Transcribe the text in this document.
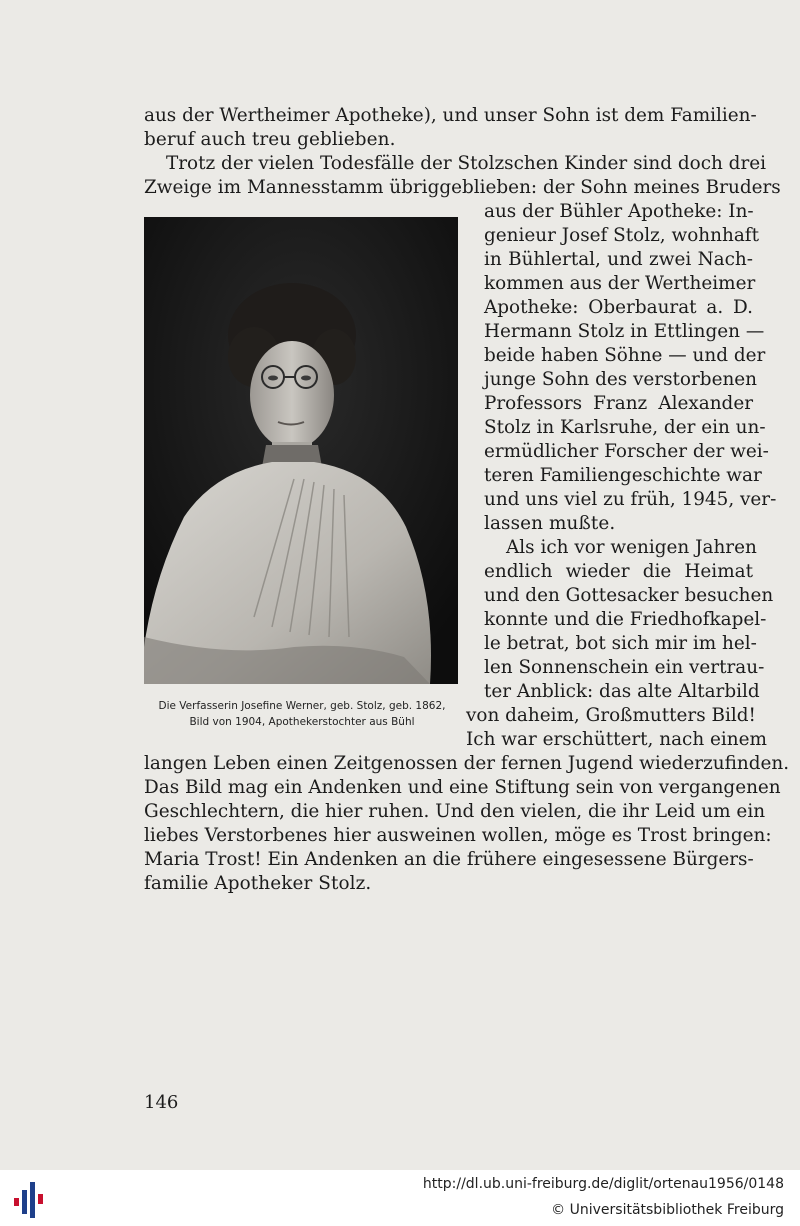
aus der Wertheimer Apotheke), und unser Sohn ist dem Familien-
beruf auch treu geblieben.
Trotz der vielen Todesfälle der Stolzschen Kinder sind doch drei
Zweige im Mannesstamm übriggeblieben: der Sohn meines Bruders
aus der Bühler Apotheke: In-
genieur Josef Stolz, wohnhaft
in Bühlertal, und zwei Nach-
kommen aus der Wertheimer
Apotheke: Oberbaurat a. D.
Hermann Stolz in Ettlingen —
beide haben Söhne — und der
junge Sohn des verstorbenen
Professors Franz Alexander
Stolz in Karlsruhe, der ein un-
ermüdlicher Forscher der wei-
teren Familiengeschichte war
und uns viel zu früh, 1945, ver-
lassen mußte.
Als ich vor wenigen Jahren
endlich wieder die Heimat
und den Gottesacker besuchen
konnte und die Friedhofkapel-
le betrat, bot sich mir im hel-
len Sonnenschein ein vertrau-
ter Anblick: das alte Altarbild
von daheim, Großmutters Bild!
Ich war erschüttert, nach einem
Die Verfasserin Josefine Werner, geb. Stolz, geb. 1862,
Bild von 1904, Apothekerstochter aus Bühl
langen Leben einen Zeitgenossen der fernen Jugend wiederzufinden.
Das Bild mag ein Andenken und eine Stiftung sein von vergangenen
Geschlechtern, die hier ruhen. Und den vielen, die ihr Leid um ein
liebes Verstorbenes hier ausweinen wollen, möge es Trost bringen:
Maria Trost! Ein Andenken an die frühere eingesessene Bürgers-
familie Apotheker Stolz.
146
http://dl.ub.uni-freiburg.de/diglit/ortenau1956/0148
© Universitätsbibliothek Freiburg
